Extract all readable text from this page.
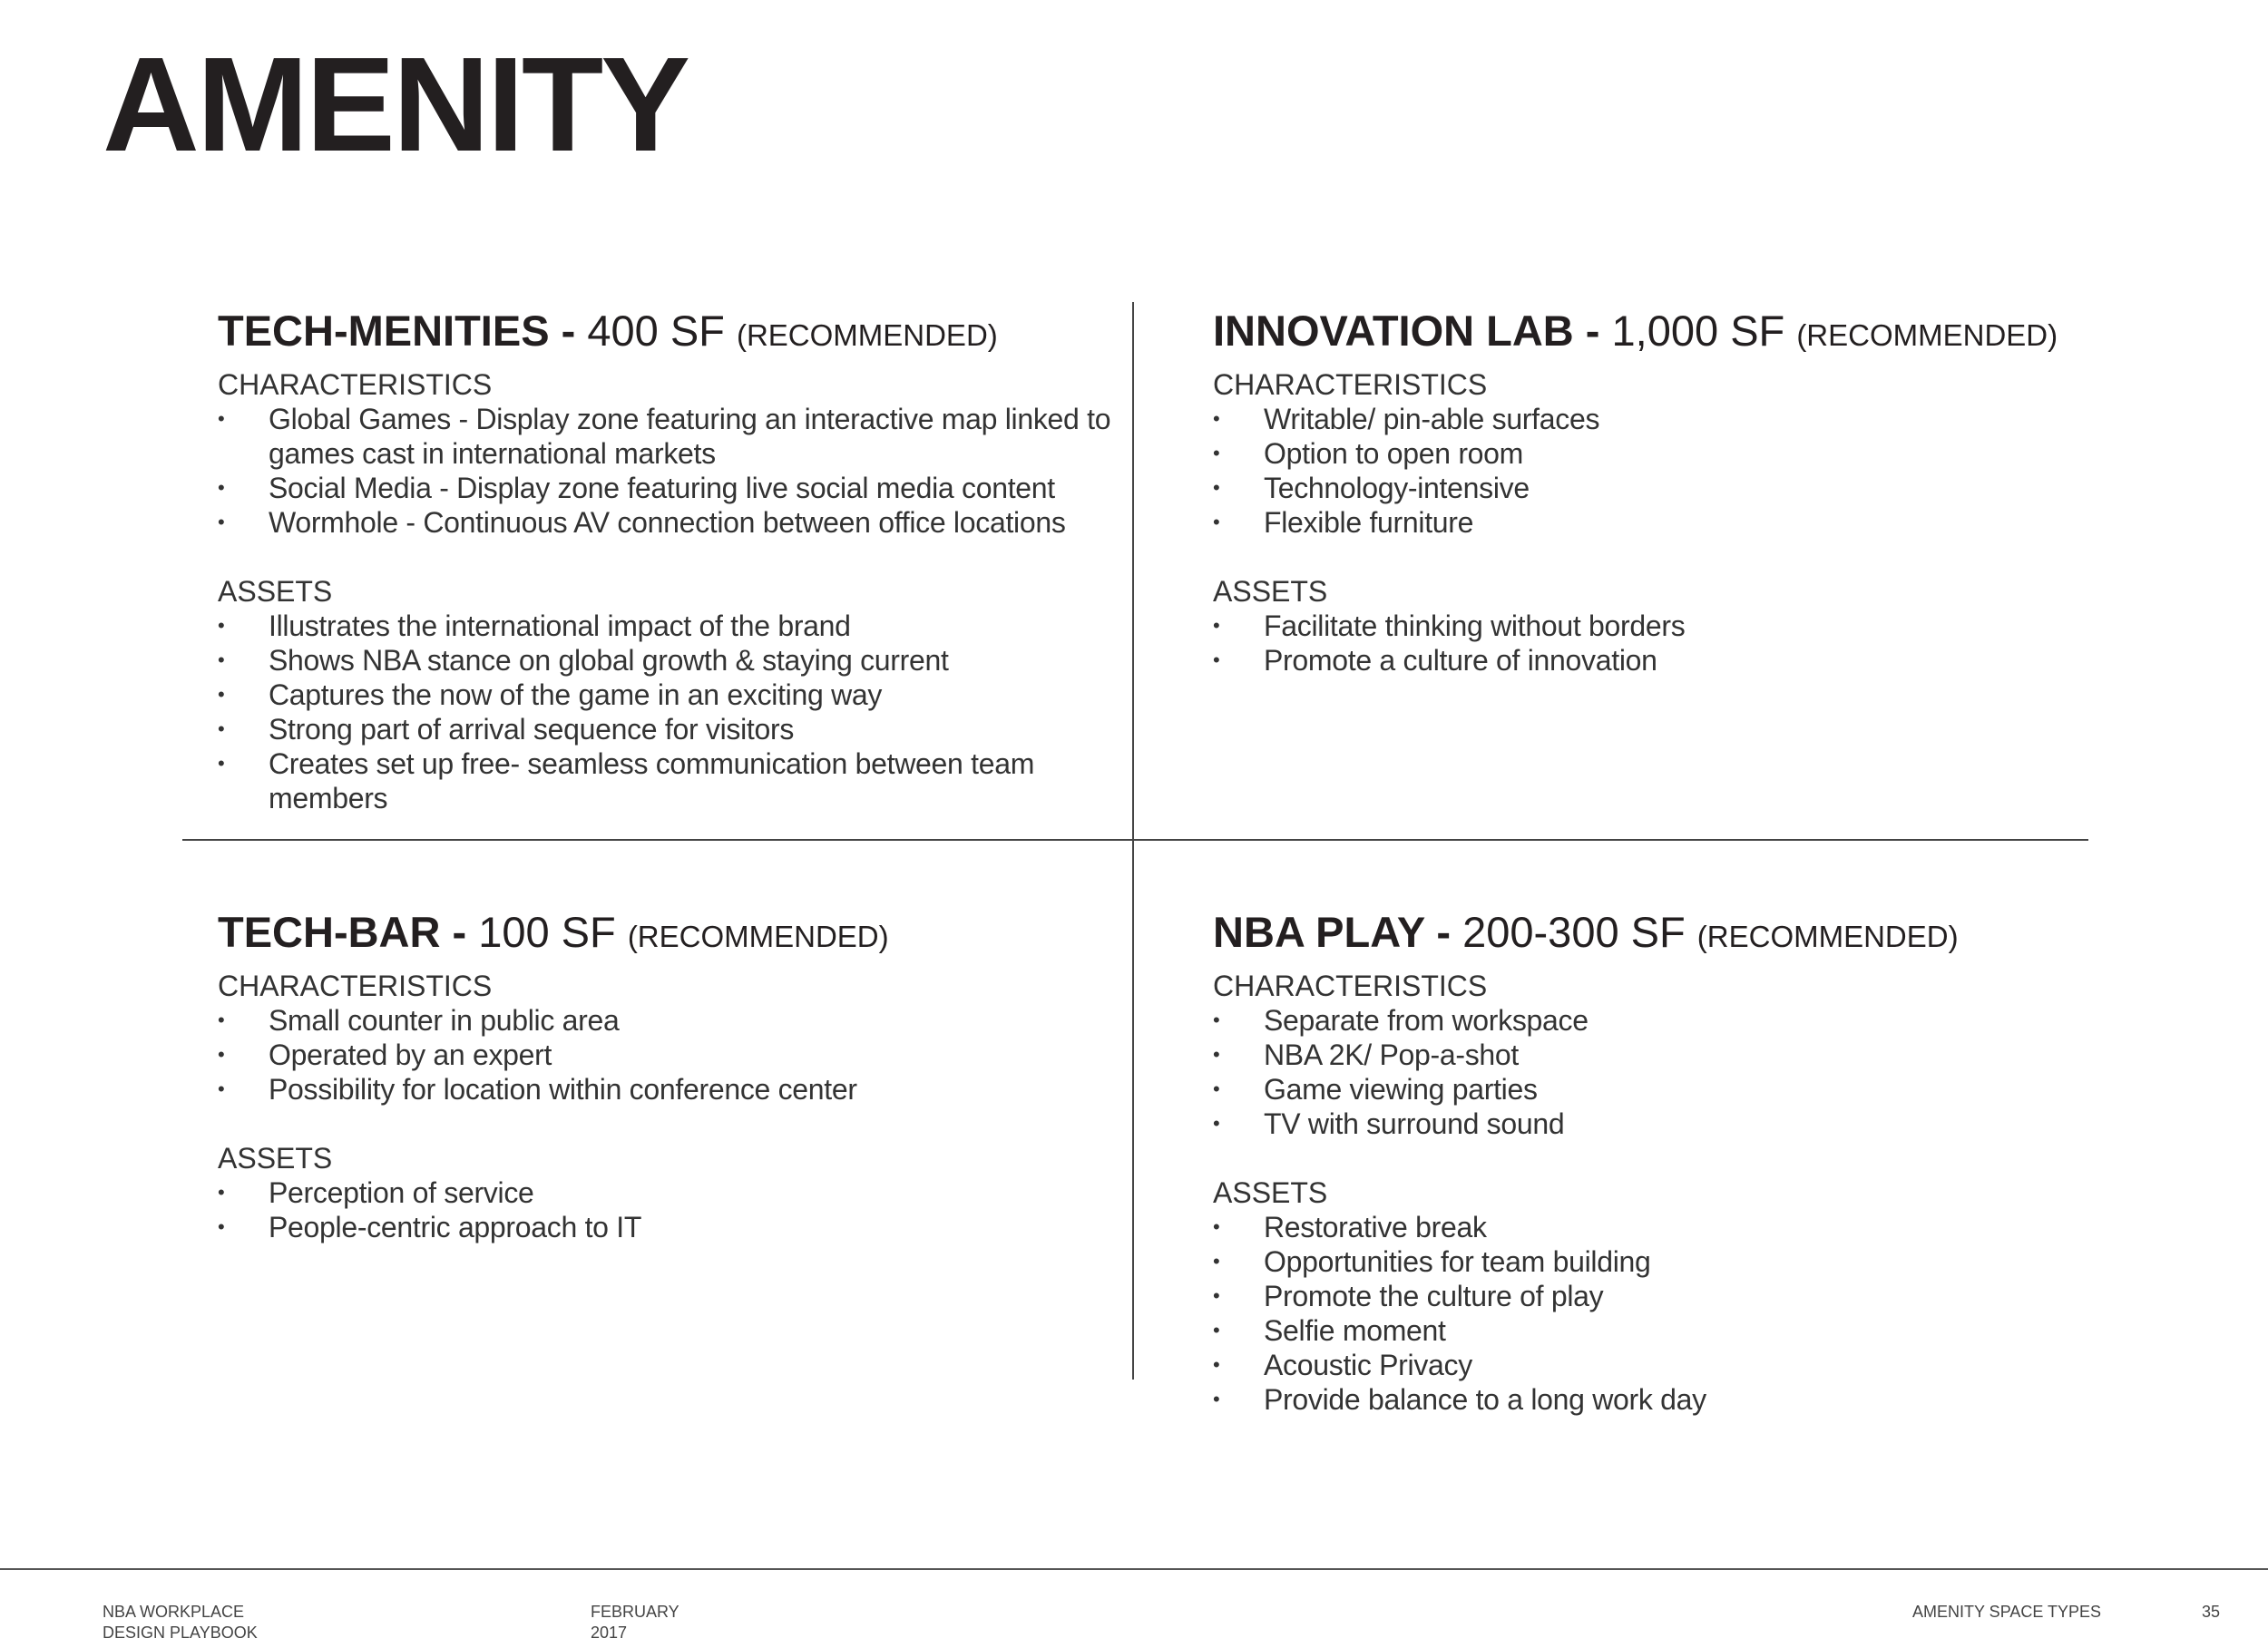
AMENITY
TECH-MENITIES - 400 SF (RECOMMENDED)
CHARACTERISTICS
•	Global Games - Display zone featuring an interactive map linked to games cast in international markets
•	Social Media - Display zone featuring live social media content
•	Wormhole - Continuous AV connection between office locations
ASSETS
•	Illustrates the international impact of the brand
•	Shows NBA stance on global growth & staying current
•	Captures the now of the game in an exciting way
•	Strong part of arrival sequence for visitors
•	Creates set up free- seamless communication between team members
INNOVATION LAB - 1,000 SF (RECOMMENDED)
CHARACTERISTICS
•	Writable/ pin-able surfaces
•	Option to open room
•	Technology-intensive
•	Flexible furniture
ASSETS
•	Facilitate thinking without borders
•	Promote a culture of innovation
TECH-BAR - 100 SF (RECOMMENDED)
CHARACTERISTICS
•	Small counter in public area
•	Operated by an expert
•	Possibility for location within conference center
ASSETS
•	Perception of service
•	People-centric approach to IT
NBA PLAY - 200-300 SF (RECOMMENDED)
CHARACTERISTICS
•	Separate from workspace
•	NBA 2K/ Pop-a-shot
•	Game viewing parties
•	TV with surround sound
ASSETS
•	Restorative break
•	Opportunities for team building
•	Promote the culture of play
•	Selfie moment
•	Acoustic Privacy
•	Provide balance to a long work day
NBA WORKPLACE
DESIGN PLAYBOOK
FEBRUARY
2017
AMENITY SPACE TYPES	35
